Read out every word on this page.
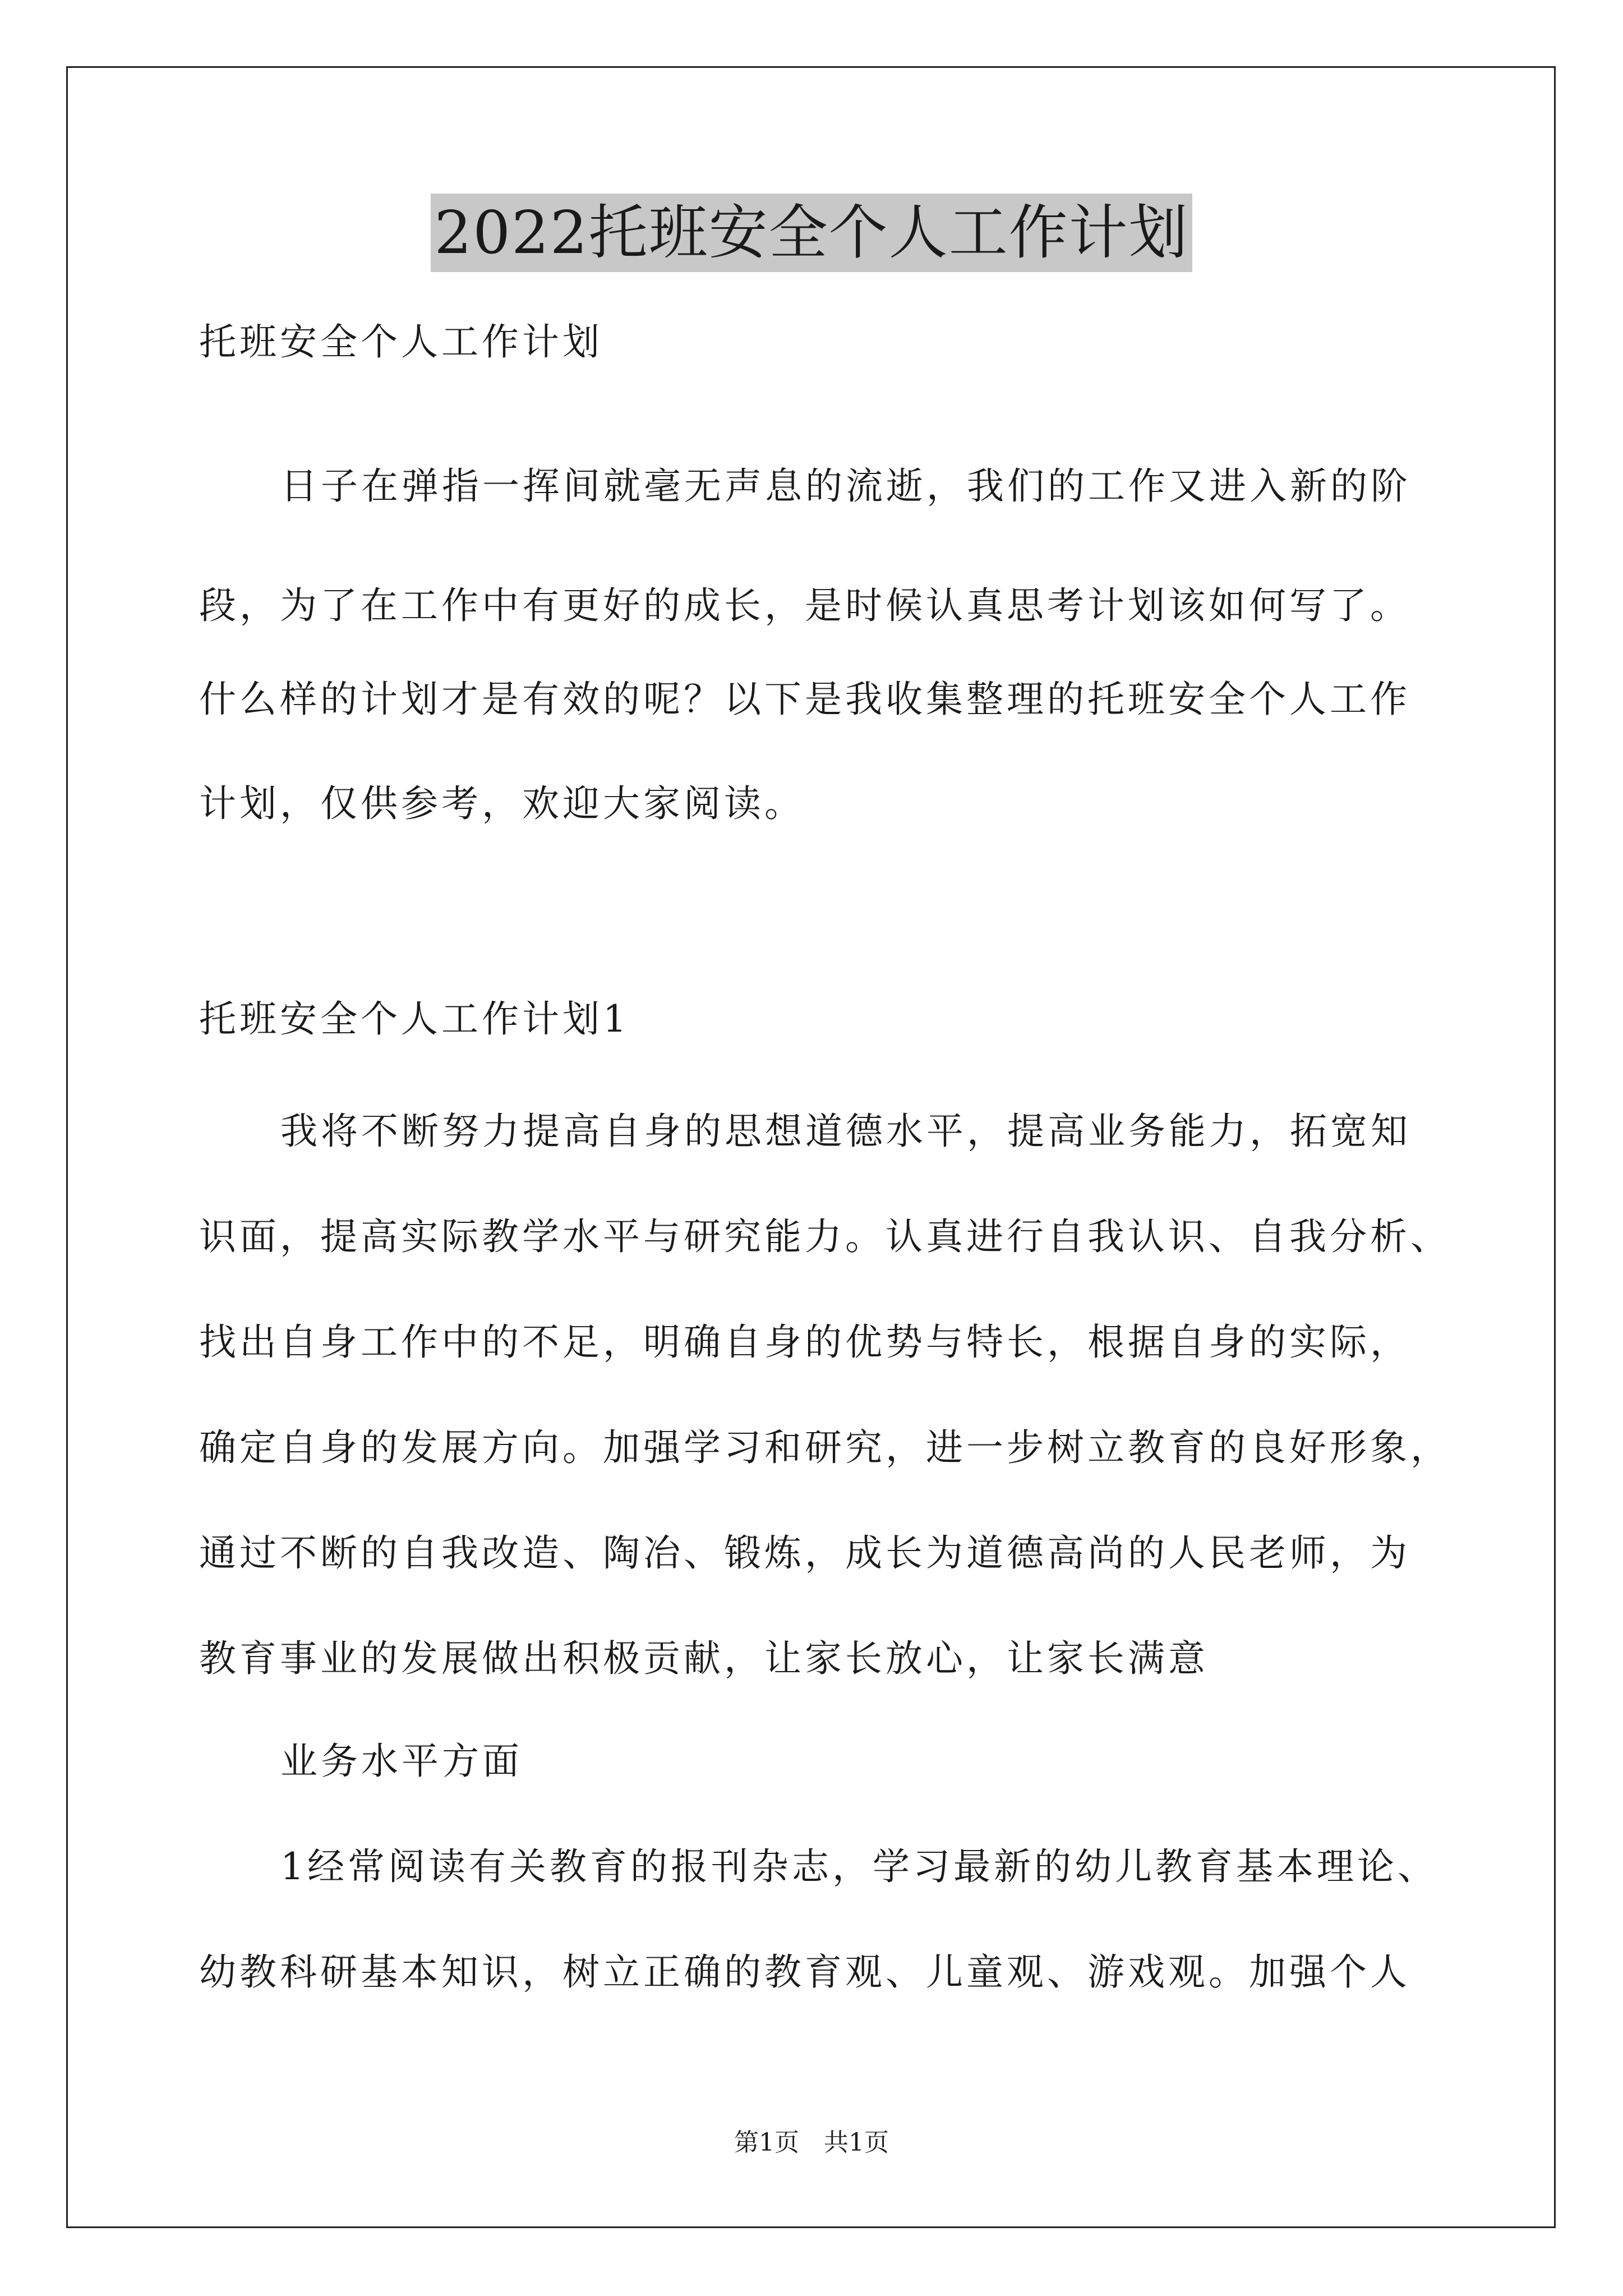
2022托班安全个人工作计划
托班安全个人工作计划
日子在弹指一挥间就毫无声息的流逝，我们的工作又进入新的阶
段，为了在工作中有更好的成长，是时候认真思考计划该如何写了。
什么样的计划才是有效的呢？以下是我收集整理的托班安全个人工作
计划，仅供参考，欢迎大家阅读。
托班安全个人工作计划1
我将不断努力提高自身的思想道德水平，提高业务能力，拓宽知
识面，提高实际教学水平与研究能力。认真进行自我认识、自我分析、
找出自身工作中的不足，明确自身的优势与特长，根据自身的实际，
确定自身的发展方向。加强学习和研究，进一步树立教育的良好形象，
通过不断的自我改造、陶冶、锻炼，成长为道德高尚的人民老师，为
教育事业的发展做出积极贡献，让家长放心，让家长满意
业务水平方面
1经常阅读有关教育的报刊杂志，学习最新的幼儿教育基本理论、
幼教科研基本知识，树立正确的教育观、儿童观、游戏观。加强个人
第1页　共1页
